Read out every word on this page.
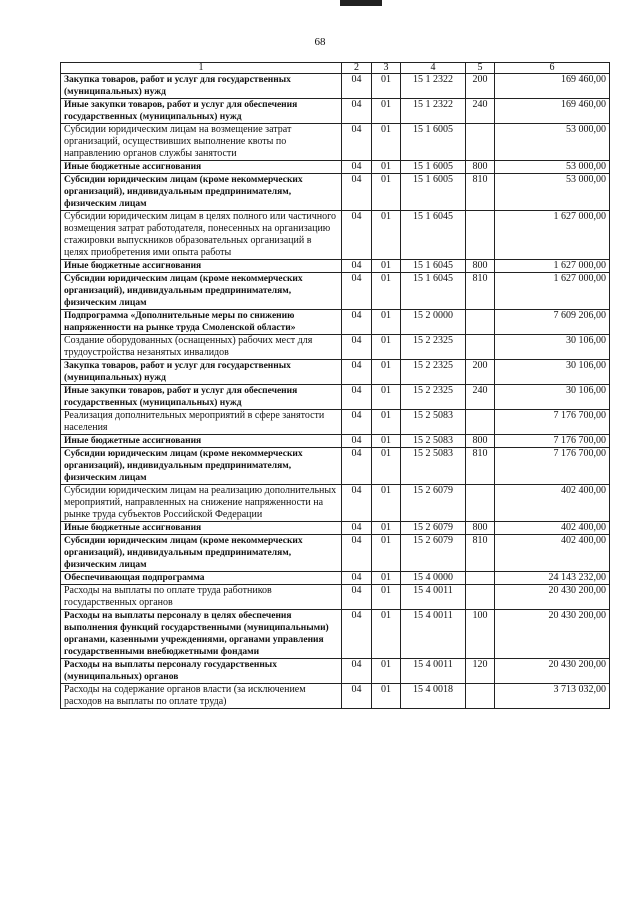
68
1	2	3	4	5	6
Закупка товаров, работ и услуг для государственных (муниципальных) нужд	04	01	15 1 2322	200	169 460,00
Иные закупки товаров, работ и услуг для обеспечения государственных (муниципальных) нужд	04	01	15 1 2322	240	169 460,00
Субсидии юридическим лицам на возмещение затрат организаций, осуществивших выполнение квоты по направлению органов службы занятости	04	01	15 1 6005		53 000,00
Иные бюджетные ассигнования	04	01	15 1 6005	800	53 000,00
Субсидии юридическим лицам (кроме некоммерческих организаций), индивидуальным предпринимателям, физическим лицам	04	01	15 1 6005	810	53 000,00
Субсидии юридическим лицам в целях полного или частичного возмещения затрат работодателя, понесенных на организацию стажировки выпускников образовательных организаций в целях приобретения ими опыта работы	04	01	15 1 6045		1 627 000,00
Иные бюджетные ассигнования	04	01	15 1 6045	800	1 627 000,00
Субсидии юридическим лицам (кроме некоммерческих организаций), индивидуальным предпринимателям, физическим лицам	04	01	15 1 6045	810	1 627 000,00
Подпрограмма «Дополнительные меры по снижению напряженности на рынке труда Смоленской области»	04	01	15 2 0000		7 609 206,00
Создание оборудованных (оснащенных) рабочих мест для трудоустройства незанятых инвалидов	04	01	15 2 2325		30 106,00
Закупка товаров, работ и услуг для государственных (муниципальных) нужд	04	01	15 2 2325	200	30 106,00
Иные закупки товаров, работ и услуг для обеспечения государственных (муниципальных) нужд	04	01	15 2 2325	240	30 106,00
Реализация дополнительных мероприятий в сфере занятости населения	04	01	15 2 5083		7 176 700,00
Иные бюджетные ассигнования	04	01	15 2 5083	800	7 176 700,00
Субсидии юридическим лицам (кроме некоммерческих организаций), индивидуальным предпринимателям, физическим лицам	04	01	15 2 5083	810	7 176 700,00
Субсидии юридическим лицам на реализацию дополнительных мероприятий, направленных на снижение напряженности на рынке труда субъектов Российской Федерации	04	01	15 2 6079		402 400,00
Иные бюджетные ассигнования	04	01	15 2 6079	800	402 400,00
Субсидии юридическим лицам (кроме некоммерческих организаций), индивидуальным предпринимателям, физическим лицам	04	01	15 2 6079	810	402 400,00
Обеспечивающая подпрограмма	04	01	15 4 0000		24 143 232,00
Расходы на выплаты по оплате труда работников государственных органов	04	01	15 4 0011		20 430 200,00
Расходы на выплаты персоналу в целях обеспечения выполнения функций государственными (муниципальными) органами, казенными учреждениями, органами управления государственными внебюджетными фондами	04	01	15 4 0011	100	20 430 200,00
Расходы на выплаты персоналу государственных (муниципальных) органов	04	01	15 4 0011	120	20 430 200,00
Расходы на содержание органов власти (за исключением расходов на выплаты по оплате труда)	04	01	15 4 0018		3 713 032,00
